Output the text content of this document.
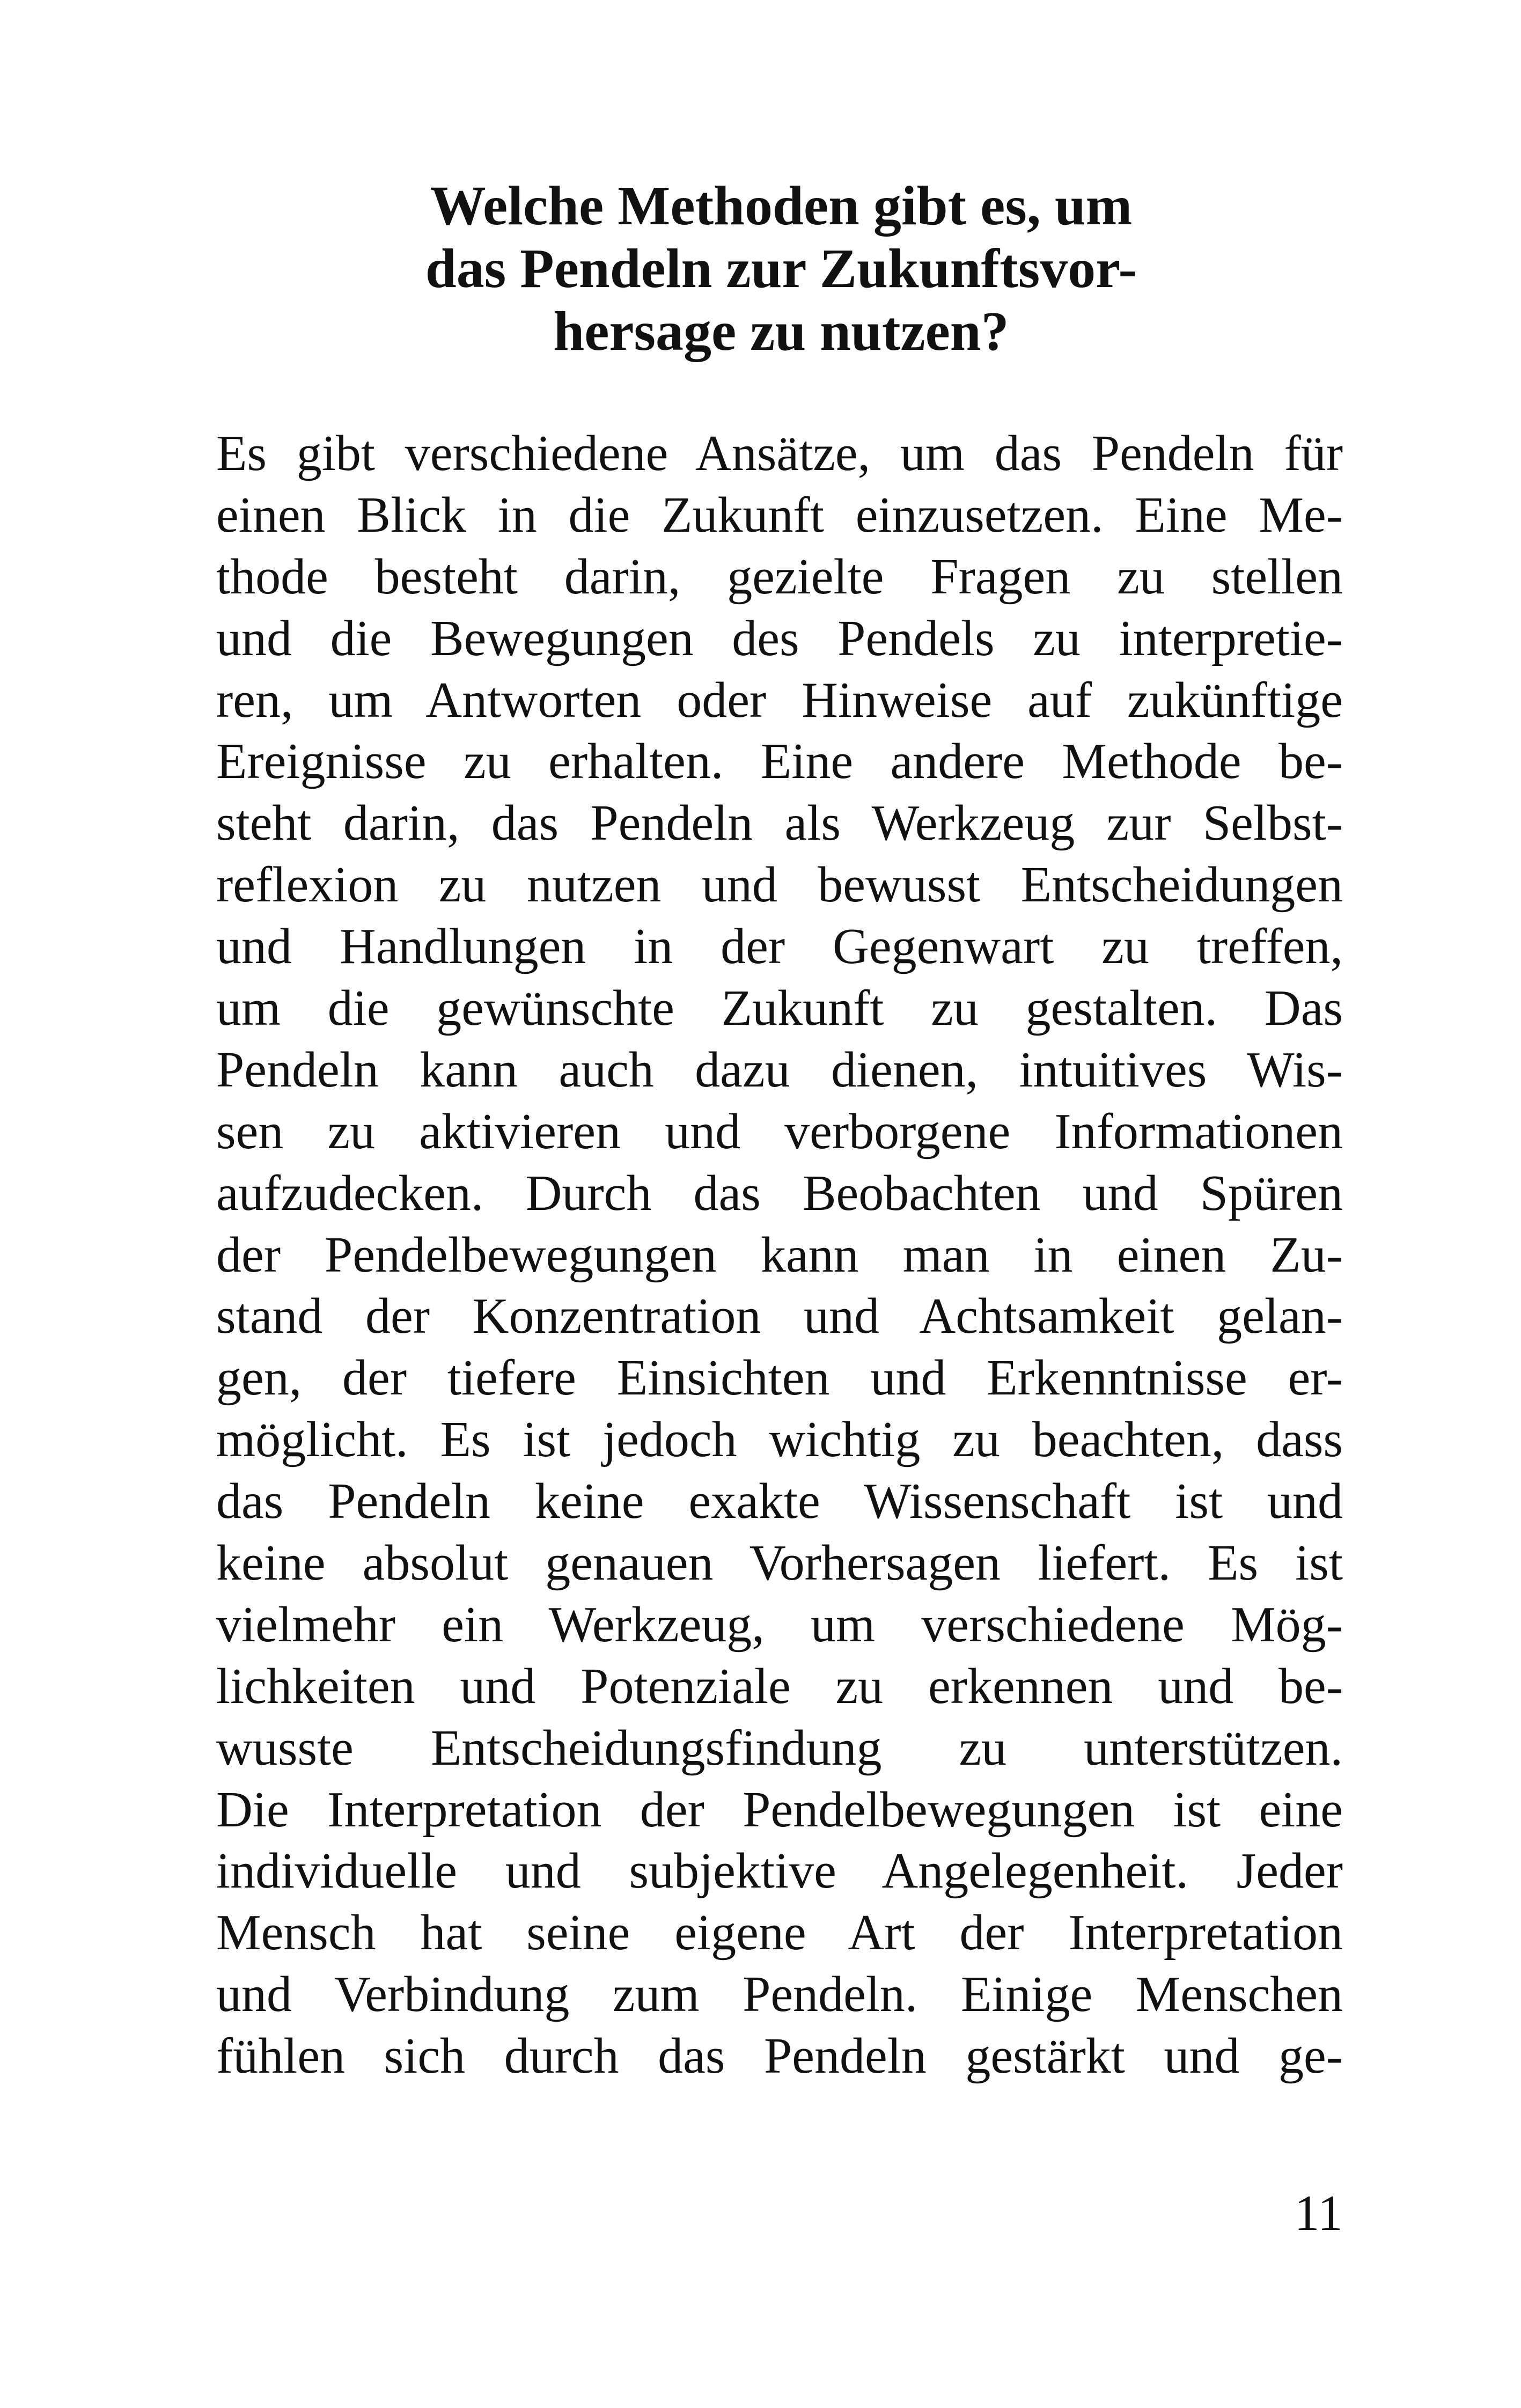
Welche Methoden gibt es, um
das Pendeln zur Zukunftsvor-
hersage zu nutzen?
Es gibt verschiedene Ansätze, um das Pendeln für
einen Blick in die Zukunft einzusetzen. Eine Me-
thode besteht darin, gezielte Fragen zu stellen
und die Bewegungen des Pendels zu interpretie-
ren, um Antworten oder Hinweise auf zukünftige
Ereignisse zu erhalten. Eine andere Methode be-
steht darin, das Pendeln als Werkzeug zur Selbst-
reflexion zu nutzen und bewusst Entscheidungen
und Handlungen in der Gegenwart zu treffen,
um die gewünschte Zukunft zu gestalten. Das
Pendeln kann auch dazu dienen, intuitives Wis-
sen zu aktivieren und verborgene Informationen
aufzudecken. Durch das Beobachten und Spüren
der Pendelbewegungen kann man in einen Zu-
stand der Konzentration und Achtsamkeit gelan-
gen, der tiefere Einsichten und Erkenntnisse er-
möglicht. Es ist jedoch wichtig zu beachten, dass
das Pendeln keine exakte Wissenschaft ist und
keine absolut genauen Vorhersagen liefert. Es ist
vielmehr ein Werkzeug, um verschiedene Mög-
lichkeiten und Potenziale zu erkennen und be-
wusste Entscheidungsfindung zu unterstützen.
Die Interpretation der Pendelbewegungen ist eine
individuelle und subjektive Angelegenheit. Jeder
Mensch hat seine eigene Art der Interpretation
und Verbindung zum Pendeln. Einige Menschen
fühlen sich durch das Pendeln gestärkt und ge-
11
